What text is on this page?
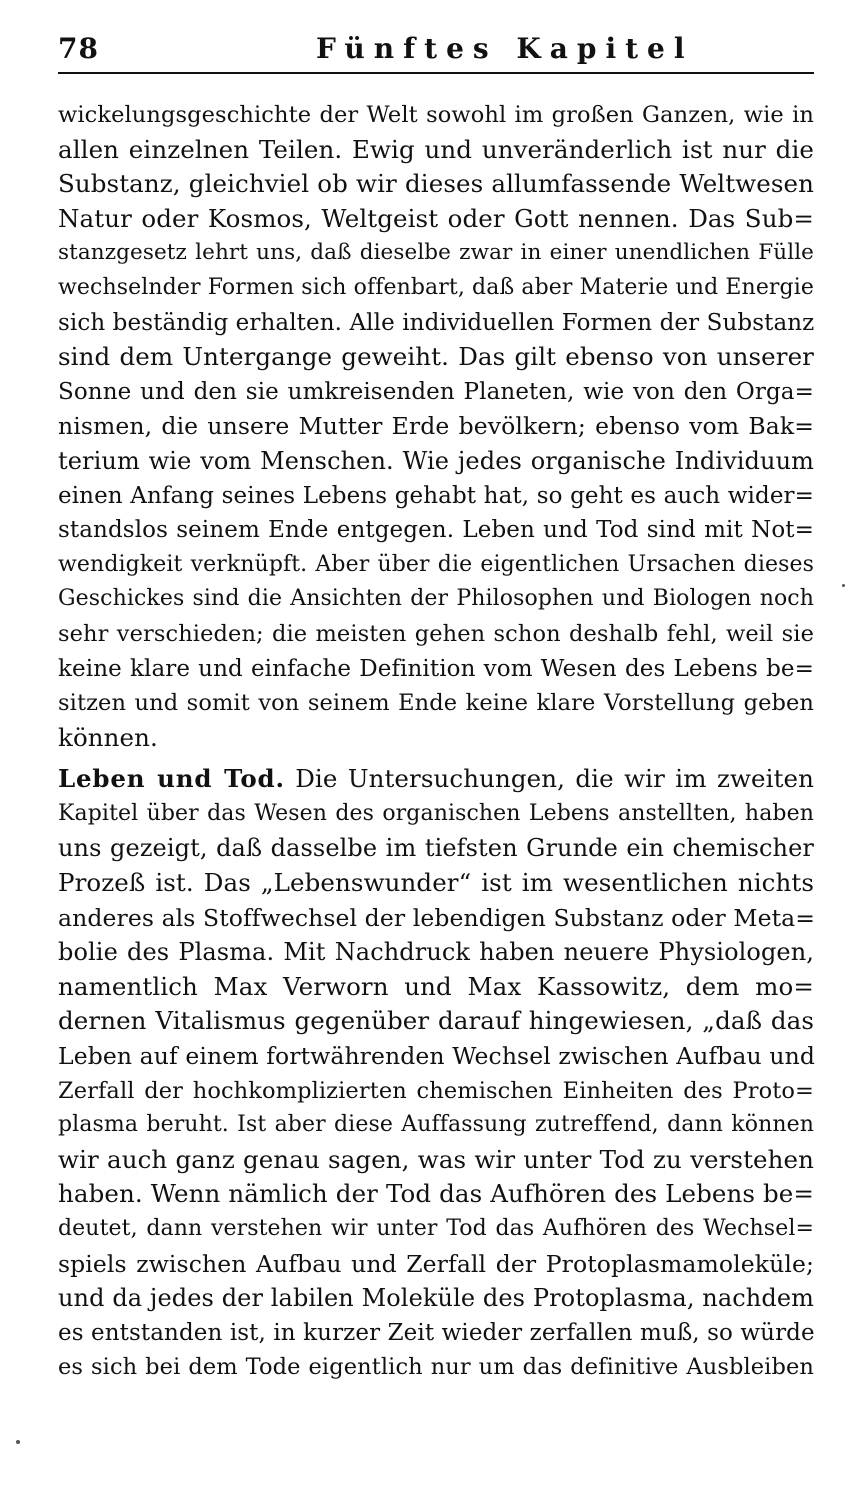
78	Fünftes Kapitel
wickelungsgeschichte der Welt sowohl im großen Ganzen, wie in
allen einzelnen Teilen. Ewig und unveränderlich ist nur die
Substanz, gleichviel ob wir dieses allumfassende Weltwesen
Natur oder Kosmos, Weltgeist oder Gott nennen. Das Sub=
stanzgesetz lehrt uns, daß dieselbe zwar in einer unendlichen Fülle
wechselnder Formen sich offenbart, daß aber Materie und Energie
sich beständig erhalten. Alle individuellen Formen der Substanz
sind dem Untergange geweiht. Das gilt ebenso von unserer
Sonne und den sie umkreisenden Planeten, wie von den Orga=
nismen, die unsere Mutter Erde bevölkern; ebenso vom Bak=
terium wie vom Menschen. Wie jedes organische Individuum
einen Anfang seines Lebens gehabt hat, so geht es auch wider=
standslos seinem Ende entgegen. Leben und Tod sind mit Not=
wendigkeit verknüpft. Aber über die eigentlichen Ursachen dieses
Geschickes sind die Ansichten der Philosophen und Biologen noch
sehr verschieden; die meisten gehen schon deshalb fehl, weil sie
keine klare und einfache Definition vom Wesen des Lebens be=
sitzen und somit von seinem Ende keine klare Vorstellung geben
können.
Leben und Tod. Die Untersuchungen, die wir im zweiten
Kapitel über das Wesen des organischen Lebens anstellten, haben
uns gezeigt, daß dasselbe im tiefsten Grunde ein chemischer
Prozeß ist. Das „Lebenswunder“ ist im wesentlichen nichts
anderes als Stoffwechsel der lebendigen Substanz oder Meta=
bolie des Plasma. Mit Nachdruck haben neuere Physiologen,
namentlich Max Verworn und Max Kassowitz, dem mo=
dernen Vitalismus gegenüber darauf hingewiesen, „daß das
Leben auf einem fortwährenden Wechsel zwischen Aufbau und
Zerfall der hochkomplizierten chemischen Einheiten des Proto=
plasma beruht. Ist aber diese Auffassung zutreffend, dann können
wir auch ganz genau sagen, was wir unter Tod zu verstehen
haben. Wenn nämlich der Tod das Aufhören des Lebens be=
deutet, dann verstehen wir unter Tod das Aufhören des Wechsel=
spiels zwischen Aufbau und Zerfall der Protoplasmamoleküle;
und da jedes der labilen Moleküle des Protoplasma, nachdem
es entstanden ist, in kurzer Zeit wieder zerfallen muß, so würde
es sich bei dem Tode eigentlich nur um das definitive Ausbleiben
